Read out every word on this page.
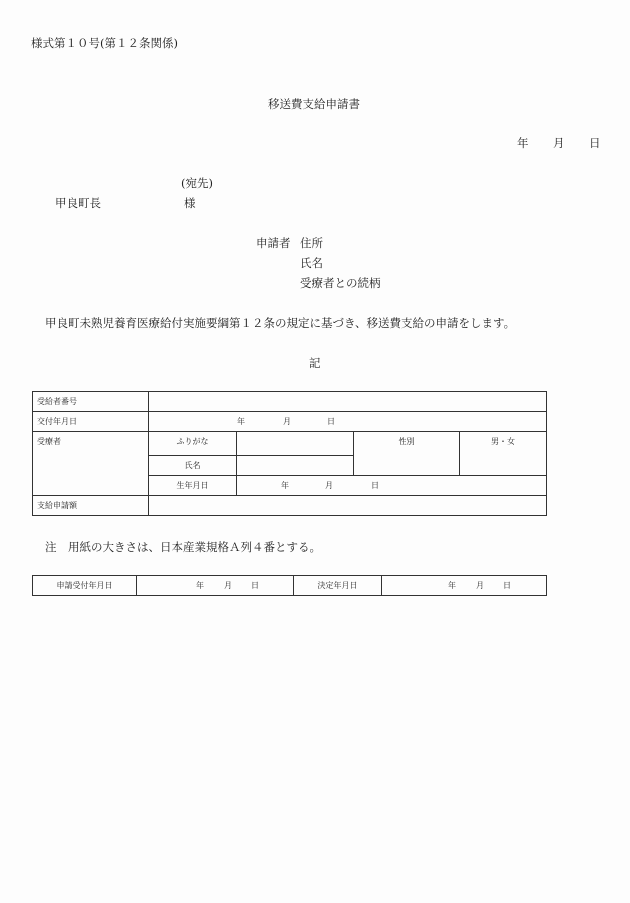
様式第１０号(第１２条関係)
移送費支給申請書
年 月 日
(宛先)
甲良町長	様
申請者 住所
氏名
受療者との続柄
甲良町未熟児養育医療給付実施要綱第１２条の規定に基づき、移送費支給の申請をします。
記
受給者番号				
交付年月日	年 月 日			

受療者	ふりがな		性別	男・女
	氏名			
	生年月日	年 月 日		

支給申請額				
注　用紙の大きさは、日本産業規格Ａ列４番とする。
申請受付年月日	年	月 日	決定年月日	年	月 日
